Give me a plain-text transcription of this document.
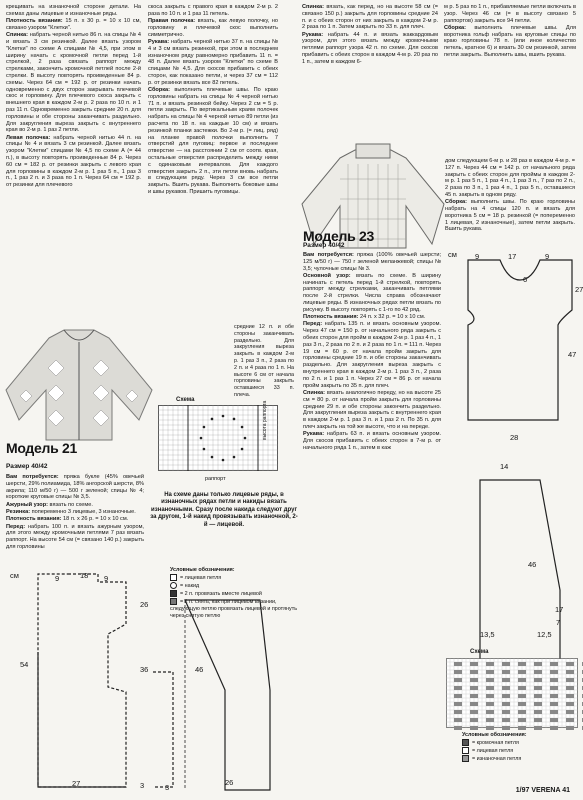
крещивать на изнаночной стороне детали. На схемах даны лицевые и изнаночные ряды.

Плотность вязания: 15 п. х 30 р. = 10 х 10 см, связано узором "Клетки".

Спинка: набрать черной нитью 86 п. на спицы № 4 и вязать 3 см резинкой. Далее вязать узором "Клетки" по схеме А спицами № 4,5, при этом в ширину начать с кромочной петли перед 1-й стрелкой, 2 раза связать раппорт между стрелками, закончить кромочной петлей после 2-й стрелки. В высоту повторять проиведенные 84 р. схемы. Через 64 см = 192 р. от резинки начать одновременно с двух сторон закрывать плечевой скос и горловину. Для плечевого скоса закрыть с внешнего края в каждом 2-м р. 2 раза по 10 п. и 1 раз 11 п. Одновременно закрыть средние 20 п. для горловины и обе стороны заканчивать раздельно. Для закругления выреза закрыть с внутреннего края во 2-м р. 1 раз 2 петли.

Левая полочка: набрать черной нитью 44 п. на спицы № 4 и вязать 3 см резинкой. Далее вязать узором "Клетки" спицами № 4,5 по схеме А (= 44 п.), в высоту повторять проиведенные 84 р. Через 60 см = 182 р. от резинки закрыть с левого края для горловины в каждом 2-м р. 1 раз 5 п., 1 раз 3 п., 1 раз 2 п. и 3 раза по 1 п. Через 64 см = 192 р. от резинки для плечевого

скоса закрыть с правого края в каждом 2-м р. 2 раза по 10 п. и 1 раз 11 петель.

Правая полочка: вязать, как левую полочку, но горловину и плечевой скос выполнить симметрично.

Рукава: набрать черной нитью 37 п. на спицы № 4 и 3 см вязать резинкой, при этом в последнем изнаночном ряду равномерно прибавить 11 п. = 48 п. Далее вязать узором "Клетки" по схеме В спицами № 4,5. Для скосов прибавить с обеих сторон, как показано петли, и через 37 см = 112 р. от резинки вязать все 82 петель.

Сборка: выполнить плечевые швы. По краю горловины набрать на спицы № 4 черной нитью 71 п. и вязать резинкой бейку. Через 2 см = 5 р. петли закрыть. По вертикальным краям полочек набрать на спицы № 4 черной нитью 89 петли (из расчета по 18 п. на каждые 10 см) и вязать резинкой планки застежки. Во 2-м р. (= лиц. ряд) на планке правой полочки выполнить 7 отверстий для пуговиц: первое и последнее отверстие — на расстоянии 2 см от соотв. края, остальные отверстия распределить между ними с одинаковым интервалом. Для каждого отверстия закрыть 2 п., эти петли вновь набрать в следующем ряду. Через 3 см все петли закрыть. Вшить рукава. Выполнить боковые швы и швы рукавов. Пришить пуговицы.

Спинка: вязать, как перед, но на высоте 58 см (= связано 150 р.) закрыть для горловины средние 24 п. и с обеих сторон от них закрыть в каждом 2-м р. 2 раза по 1 п. Затем закрыть по 33 п. для плеч.

Рукава: набрать 44 п. и вязать жаккардовым узором, для этого вязать между кромочными петлями раппорт узора 42 п. по схеме. Для скосов прибавить с обеих сторон в каждом 4-м р. 20 раз по 1 п., затем в каждом 6-

м р. 5 раз по 1 п., прибавляемые петли включать в узор. Через 46 см (= в высоту связано 5 раппортов) закрыть все 94 петли.

Сборка: выполнить плечевые швы. Для воротника гольф набрать на круговые спицы по краю горловины 78 п. (или иное количество петель, кратное 6) и вязать 30 см резинкой, затем петли закрыть. Выполнить швы, вшить рукава.

дом следующем 6-м р. и 28 раз в каждом 4-м р. = 127 п. Через 44 см = 142 р. от начального ряда закрыть с обеих сторон для проймы в каждом 2-м р. 1 раз 5 п., 1 раз 4 п., 1 раз 3 п., 7 раз по 2 п., 2 раза по 3 п., 1 раз 4 п., 1 раз 5 п., оставшиеся 45 п. закрыть в одном ряду.

Сборка: выполнить швы. По краю горловины набрать на 4 спицы 120 п. и вязать для воротника 5 см = 18 р. резинкой (= попеременно 1 лицевая, 2 изнаночные), затем петли закрыть. Вшить рукава.

средние 12 п. и обе стороны заканчивать раздельно. Для закругления выреза закрыть в каждом 2-м р. 1 раз 3 п., 2 раза по 2 п. и 4 раза по 1 п. На высоте 6 см от начала горловины закрыть оставшиеся 33 п. плеча.

Модель 21
Размер 40/42

Вам потребуется: пряжа букле (45% овечьей шерсти, 29% полиамида, 18% ангорской шерсти, 8% акрила; 110 м/50 г) — 500 г зеленой; спицы № 4; короткие круговые спицы № 3,5.

Ажурный узор: вязать по схеме.

Резинка: попеременно 3 лицевые, 3 изнаночные.

Плотность вязания: 18 п. х 26 р. = 10 х 10 см.

Перед: набрать 100 п. и вязать ажурным узором, для этого между кромочными петлями 7 раз вязать раппорт. На высоте 54 см (= связано 140 р.) закрыть для горловины

Модель 23
Размер 40/42

Вам потребуется: пряжа (100% овечьей шерсти; 125 м/50 г) — 750 г зеленой меланжевой; спицы № 3,5; чулочные спицы № 3.

Основной узор: вязать по схеме. В ширину начинать с петель перед 1-й стрелкой, повторять раппорт между стрелками, заканчивать петлями после 2-й стрелки. Числа справа обозначают лицевые ряды. В изнаночных рядах петли вязать по рисунку. В высоту повторять с 1-го по 42 ряд.

Плотность вязания: 24 п. х 32 р. = 10 х 10 см.

Перед: набрать 135 п. и вязать основным узором. Через 47 см = 150 р. от начального ряда закрыть с обеих сторон для пройм в каждом 2-м р. 1 раз 4 п., 1 раз 3 п., 2 раза по 2 п. и 2 раза по 1 п. = 111 п. Через 19 см = 60 р. от начала пройм закрыть для горловины средние 19 п. и обе стороны заканчивать раздельно. Для закругления выреза закрыть с внутреннего края в каждом 2-м р. 1 раз 3 п., 2 раза по 2 п. и 1 раз 1 п. Через 27 см = 86 р. от начала пройм закрыть по 35 п. для плеч.

Спинка: вязать аналогично переду, но на высоте 25 см = 80 р. от начала пройм закрыть для горловины средние 29 п. и обе стороны закончить раздельно. Для закругления выреза закрыть с внутреннего края в каждом 2-м р. 1 раз 3 п. и 1 раз 2 п. По 35 п. для плеч закрыть на той же высоте, что и на переде.

Рукава: набрать 63 п. и вязать основным узором. Для скосов прибавить с обеих сторон в 7-м р. от начального ряда 1 п., затем в каж

Схема
высота раппорта
раппорт
На схеме даны только лицевые ряды, в изнаночных рядах петли и накиды вязать изнаночными. Сразу после накида следуют друг за другом, 1-й накид провязывать изнаночной, 2-й — лицевой.
Условные обозначения:
= лицевая петля
= накид
= 2 п. провязать вместе лицевой
= 1 п. снять, как при лицевом вязании, следующую петлю провязать лицевой и протянуть через снятую петлю
см	9	18 9
26
54
3
27
36	46
3
26
см 9	17	9
6
27
47
28
14
46
13,5	12,5
17
7
Схема
Условные обозначения:
= кромочная петля
= лицевая петля
= изнаночная петля
1/97 VERENA 41
